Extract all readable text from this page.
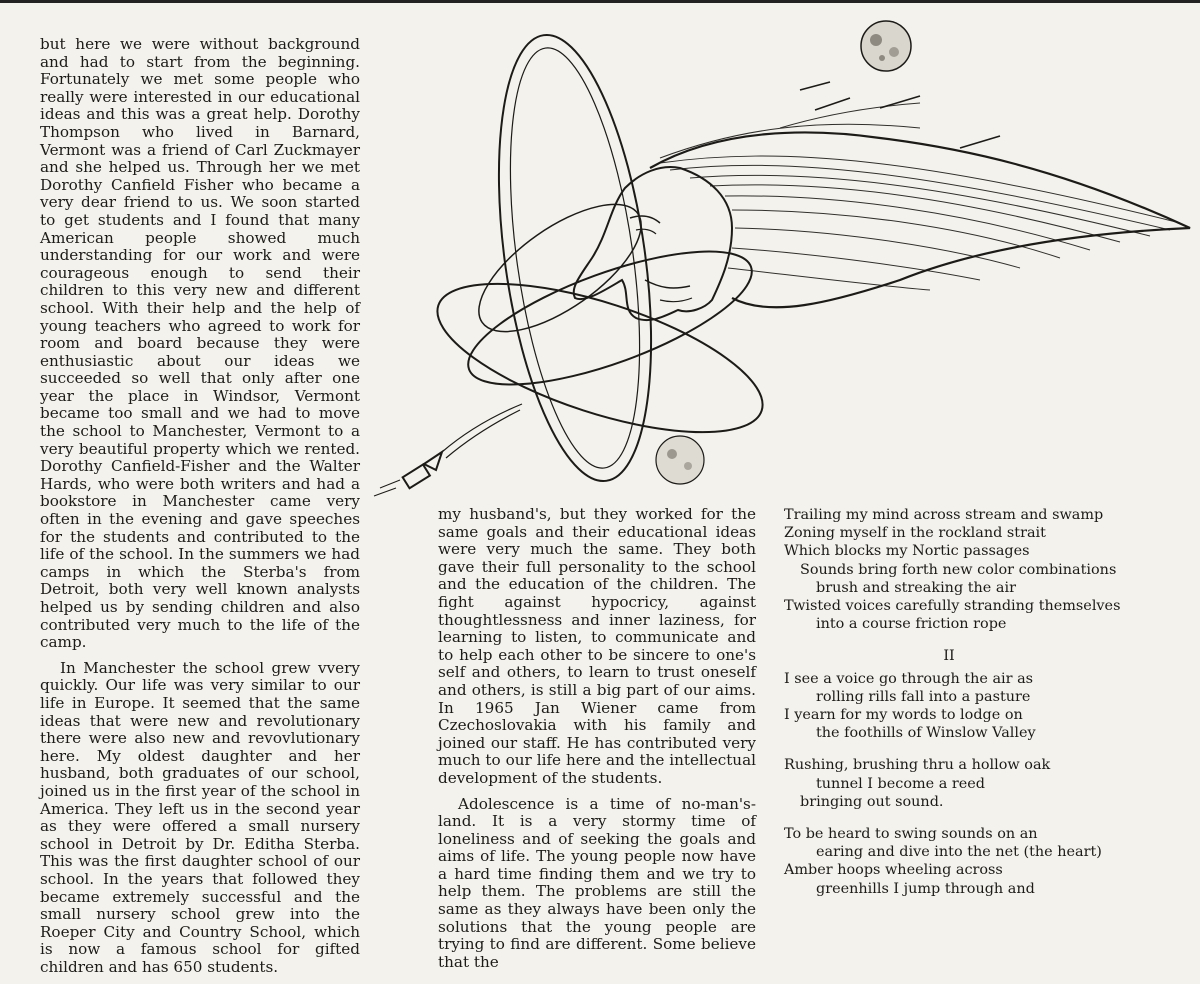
but here we were without background and had to start from the beginning. Fortunately we met some people who really were interested in our educational ideas and this was a great help. Dorothy Thompson who lived in Barnard, Vermont was a friend of Carl Zuckmayer and she helped us. Through her we met Dorothy Canfield Fisher who became a very dear friend to us. We soon started to get students and I found that many American people showed much understanding for our work and were courageous enough to send their children to this very new and different school. With their help and the help of young teachers who agreed to work for room and board because they were enthusiastic about our ideas we succeeded so well that only after one year the place in Windsor, Vermont became too small and we had to move the school to Manchester, Vermont to a very beautiful property which we rented. Dorothy Canfield-Fisher and the Walter Hards, who were both writers and had a bookstore in Manchester came very often in the evening and gave speeches for the students and contributed to the life of the school. In the summers we had camps in which the Sterba's from Detroit, both very well known analysts helped us by sending children and also contributed very much to the life of the camp.

In Manchester the school grew vvery quickly. Our life was very similar to our life in Europe. It seemed that the same ideas that were new and revolutionary there were also new and revovlutionary here. My oldest daughter and her husband, both graduates of our school, joined us in the first year of the school in America. They left us in the second year as they were offered a small nursery school in Detroit by Dr. Editha Sterba. This was the first daughter school of our school. In the years that followed they became extremely successful and the small nursery school grew into the Roeper City and Country School, which is now a famous school for gifted children and has 650 students.

my husband's, but they worked for the same goals and their educational ideas were very much the same. They both gave their full personality to the school and the education of the children. The fight against hypocricy, against thoughtlessness and inner laziness, for learning to listen, to communicate and to help each other to be sincere to one's self and others, to learn to trust oneself and others, is still a big part of our aims. In 1965 Jan Wiener came from Czechoslovakia with his family and joined our staff. He has contributed very much to our life here and the intellectual development of the students.

Adolescence is a time of no-man's-land. It is a very stormy time of loneliness and of seeking the goals and aims of life. The young people now have a hard time finding them and we try to help them. The problems are still the same as they always have been only the solutions that the young people are trying to find are different. Some believe that the

Trailing my mind across stream and swamp
Zoning myself in the rockland strait
Which blocks my Nortic passages
Sounds bring forth new color combinations
brush and streaking the air
Twisted voices carefully stranding themselves
into a course friction rope
II
I see a voice go through the air as
rolling rills fall into a pasture
I yearn for my words to lodge on
the foothills of Winslow Valley
Rushing, brushing thru a hollow oak
tunnel I become a reed
bringing out sound.
To be heard to swing sounds on an
earing and dive into the net (the heart)
Amber hoops wheeling across
greenhills I jump through and
